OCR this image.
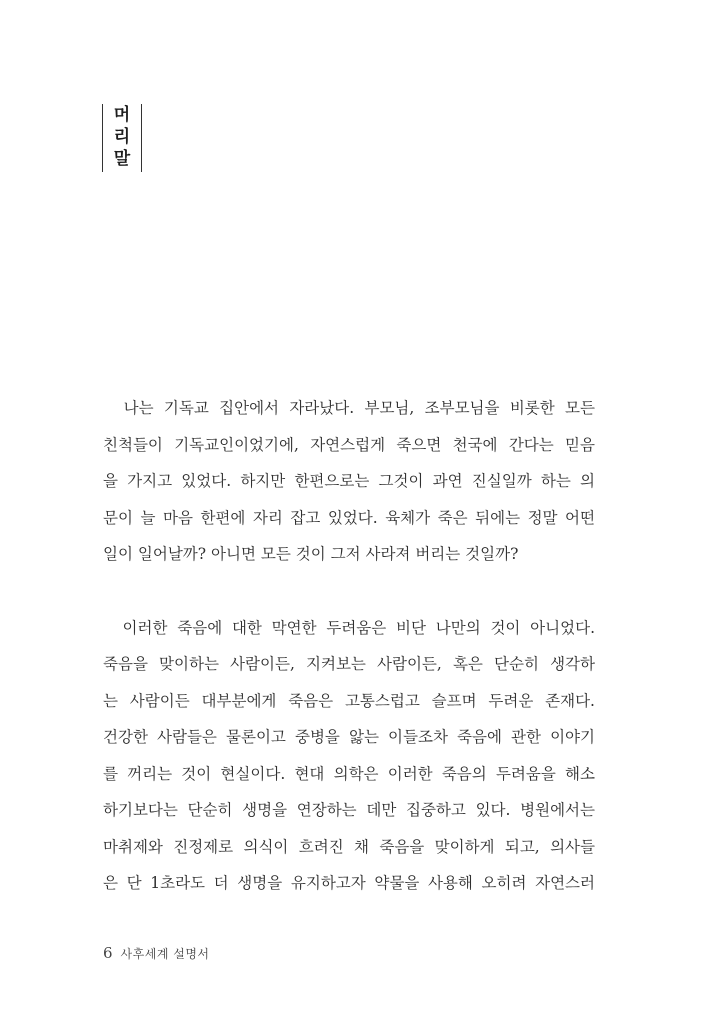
머
리
말

나는 기독교 집안에서 자라났다. 부모님, 조부모님을 비롯한 모든
친척들이 기독교인이었기에, 자연스럽게 죽으면 천국에 간다는 믿음
을 가지고 있었다. 하지만 한편으로는 그것이 과연 진실일까 하는 의
문이 늘 마음 한편에 자리 잡고 있었다. 육체가 죽은 뒤에는 정말 어떤
일이 일어날까? 아니면 모든 것이 그저 사라져 버리는 것일까?

이러한 죽음에 대한 막연한 두려움은 비단 나만의 것이 아니었다.
죽음을 맞이하는 사람이든, 지켜보는 사람이든, 혹은 단순히 생각하
는 사람이든 대부분에게 죽음은 고통스럽고 슬프며 두려운 존재다.
건강한 사람들은 물론이고 중병을 앓는 이들조차 죽음에 관한 이야기
를 꺼리는 것이 현실이다. 현대 의학은 이러한 죽음의 두려움을 해소
하기보다는 단순히 생명을 연장하는 데만 집중하고 있다. 병원에서는
마취제와 진정제로 의식이 흐려진 채 죽음을 맞이하게 되고, 의사들
은 단 1초라도 더 생명을 유지하고자 약물을 사용해 오히려 자연스러

6 사후세계 설명서
